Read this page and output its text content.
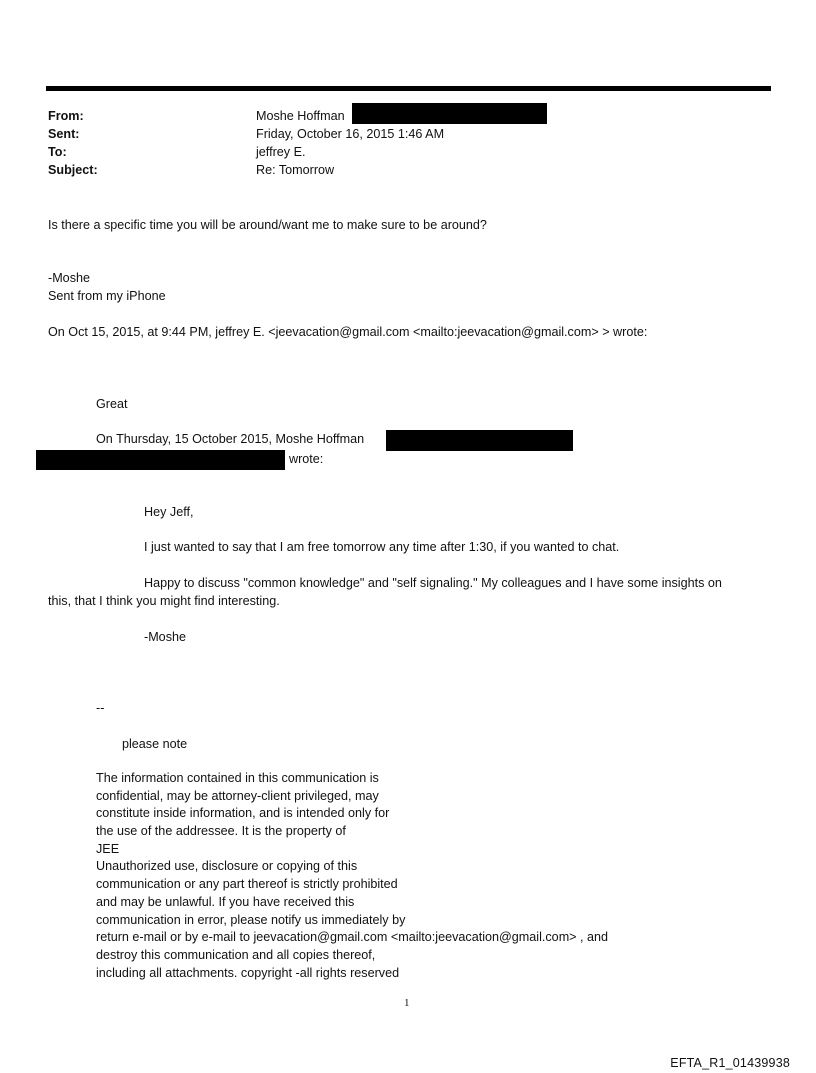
From:	Moshe Hoffman
Sent:	Friday, October 16, 2015 1:46 AM
To:	jeffrey E.
Subject:	Re: Tomorrow
Is there a specific time you will be around/want me to make sure to be around?
-Moshe
Sent from my iPhone
On Oct 15, 2015, at 9:44 PM, jeffrey E. <jeevacation@gmail.com <mailto:jeevacation@gmail.com> > wrote:
Great
On Thursday, 15 October 2015, Moshe Hoffman
wrote:
Hey Jeff,
I just wanted to say that I am free tomorrow any time after 1:30, if you wanted to chat.
Happy to discuss "common knowledge" and "self signaling." My colleagues and I have some insights on
this, that I think you might find interesting.
-Moshe
--
please note
The information contained in this communication is
confidential, may be attorney-client privileged, may
constitute inside information, and is intended only for
the use of the addressee. It is the property of
JEE
Unauthorized use, disclosure or copying of this
communication or any part thereof is strictly prohibited
and may be unlawful. If you have received this
communication in error, please notify us immediately by
return e-mail or by e-mail to jeevacation@gmail.com <mailto:jeevacation@gmail.com> , and
destroy this communication and all copies thereof,
including all attachments. copyright -all rights reserved
1
EFTA_R1_01439938
